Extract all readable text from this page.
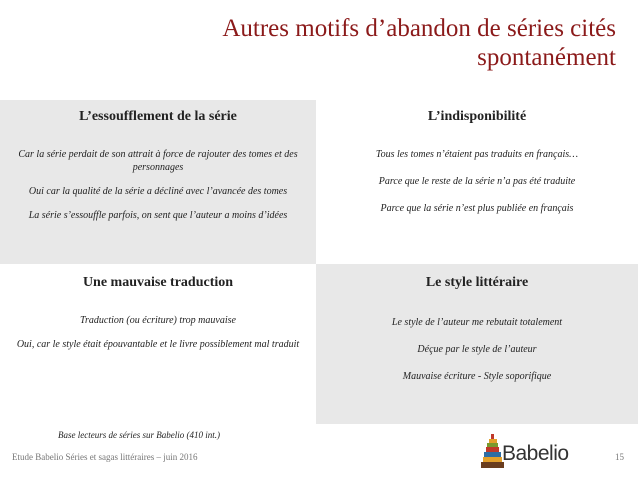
Autres motifs d’abandon de séries cités
spontanément
L’essoufflement de la série

Car la série perdait de son attrait à force de rajouter des tomes et des personnages

Oui car la qualité de la série a décliné avec l’avancée des tomes

La série s’essouffle parfois, on sent que l’auteur a moins d’idées

L’indisponibilité

Tous les tomes n’étaient pas traduits en français…

Parce que le reste de la série n’a pas été traduite

Parce que la série n’est plus publiée en français

Une mauvaise traduction

Traduction (ou écriture) trop mauvaise

Oui, car le style était épouvantable et le livre possiblement mal traduit

Le style littéraire

Le style de l’auteur me rebutait totalement

Déçue par le style de l’auteur

Mauvaise écriture - Style soporifique

Base lecteurs de séries sur Babelio (410 int.)
Etude Babelio Séries et sagas littéraires – juin 2016	Babelio	15
